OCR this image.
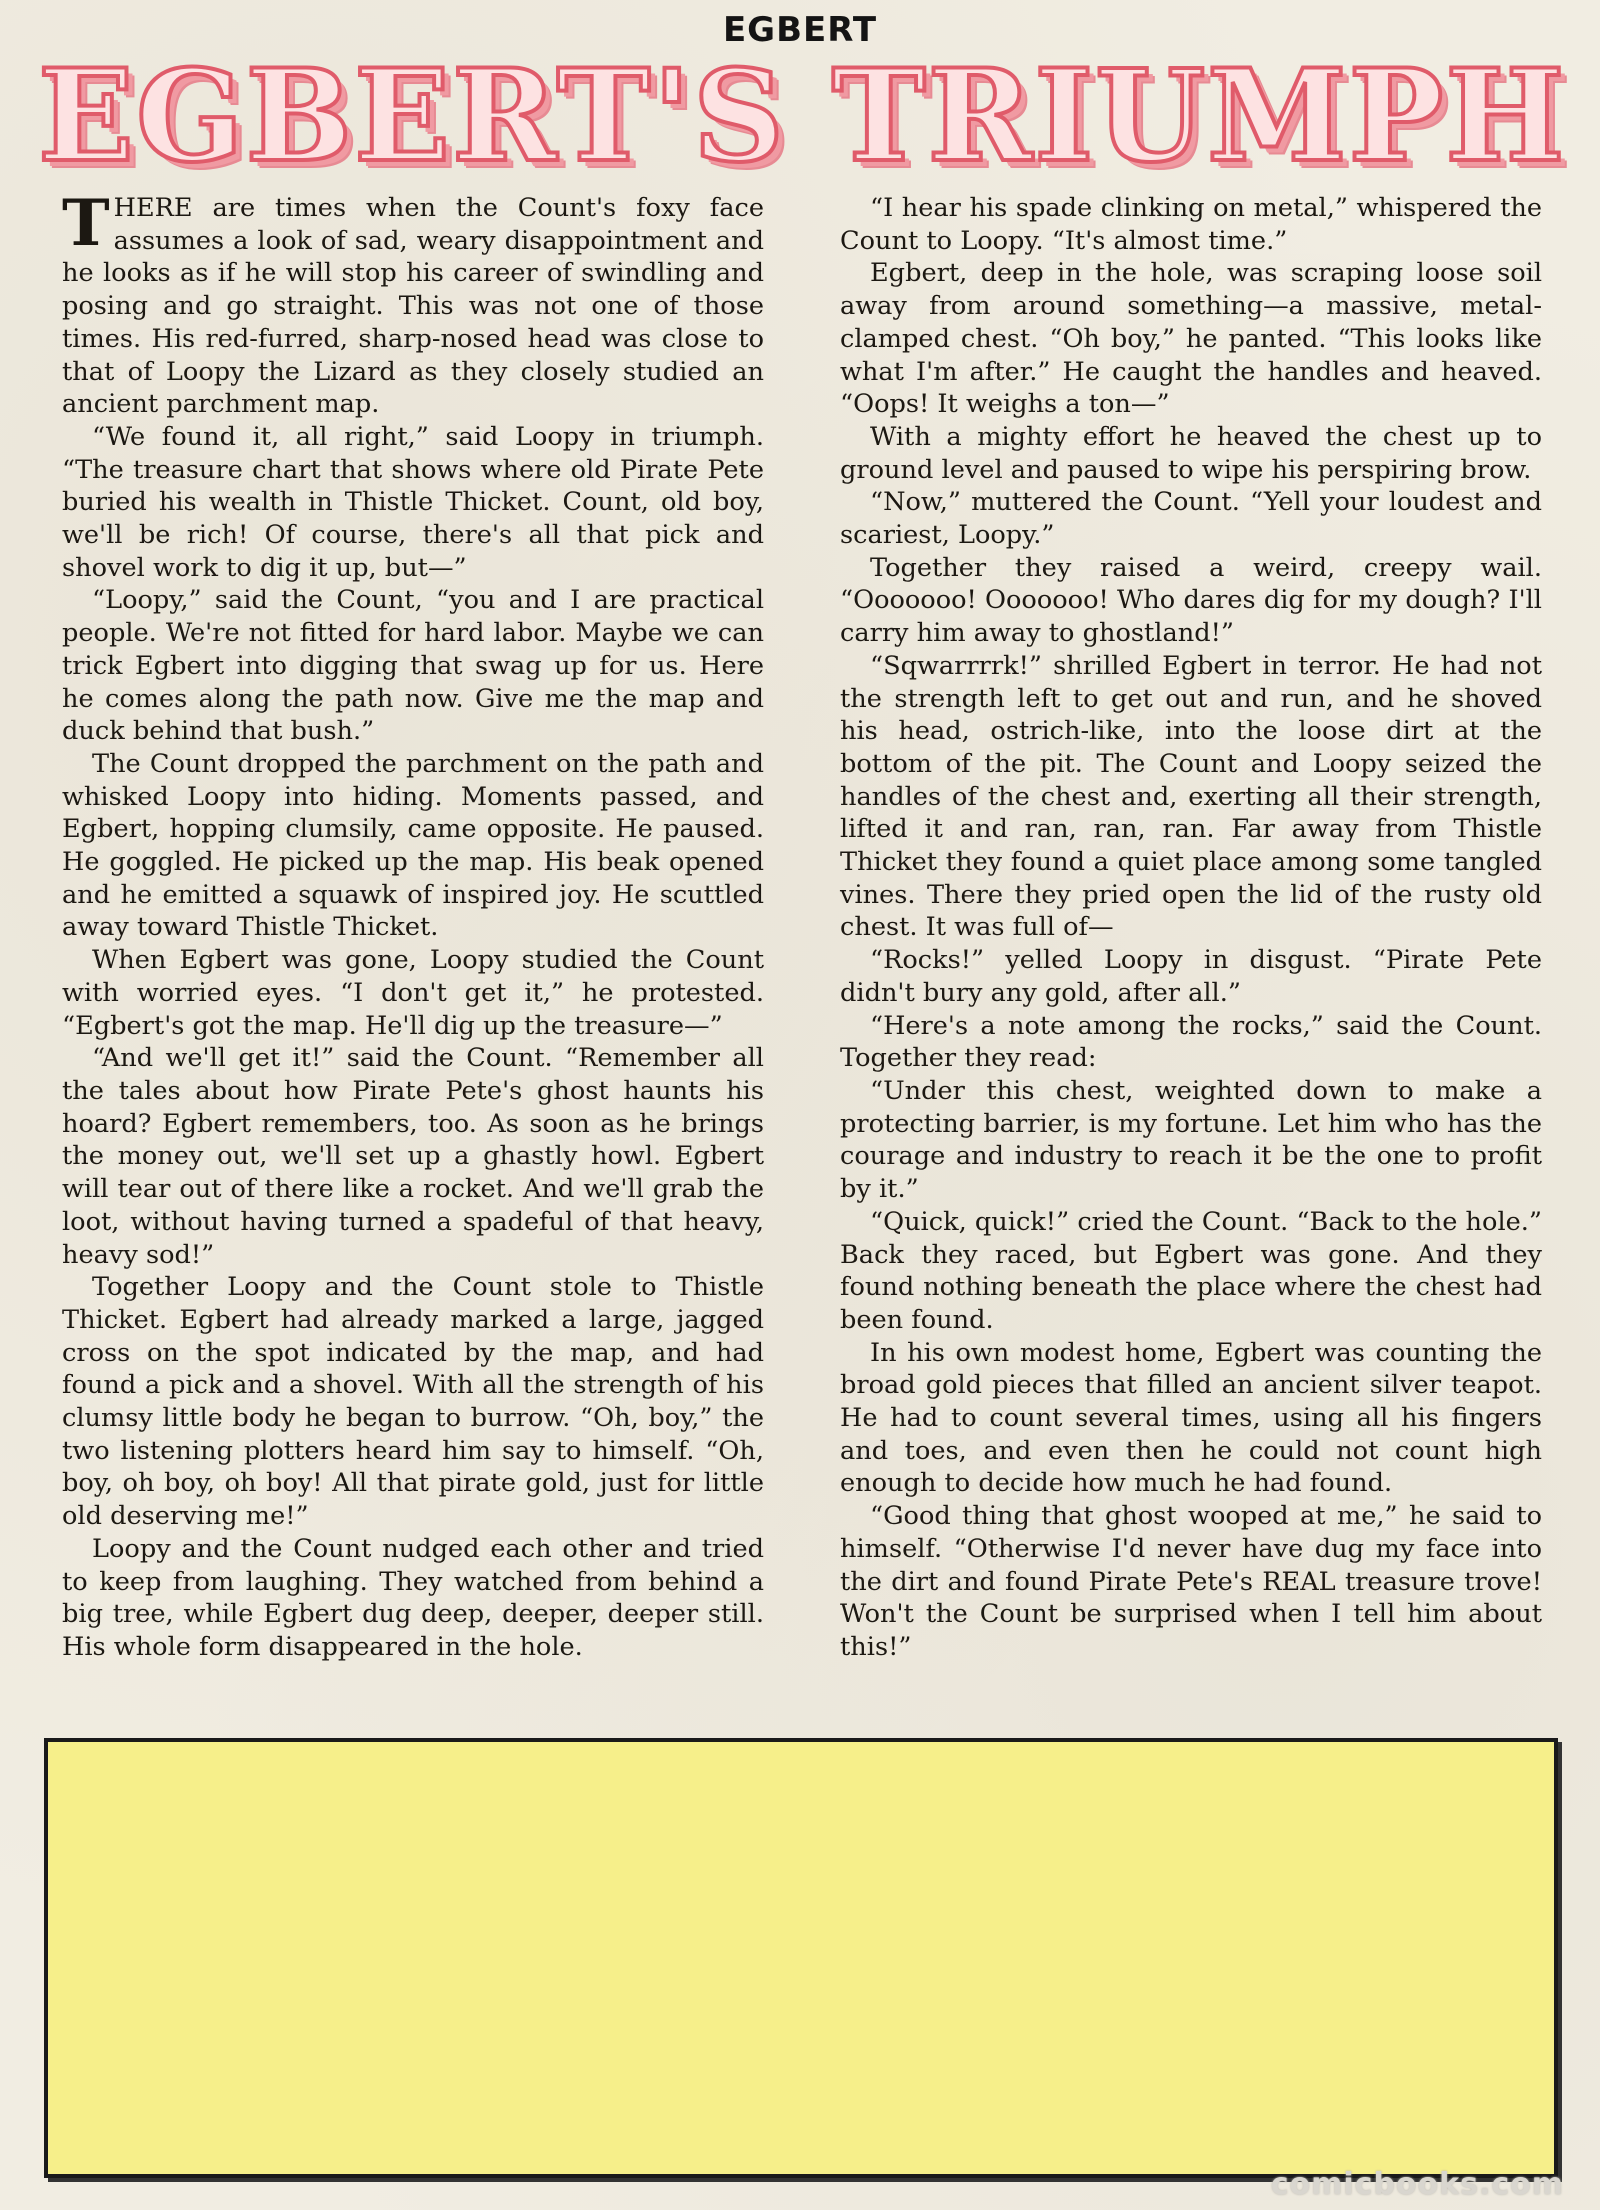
EGBERT
EGBERT'S TRIUMPH

THERE are times when the Count's foxy face assumes a look of sad, weary disappointment and he looks as if he will stop his career of swindling and posing and go straight. This was not one of those times. His red-furred, sharp-nosed head was close to that of Loopy the Lizard as they closely studied an ancient parchment map.

“We found it, all right,” said Loopy in triumph. “The treasure chart that shows where old Pirate Pete buried his wealth in Thistle Thicket. Count, old boy, we'll be rich! Of course, there's all that pick and shovel work to dig it up, but—”

“Loopy,” said the Count, “you and I are practical people. We're not fitted for hard labor. Maybe we can trick Egbert into digging that swag up for us. Here he comes along the path now. Give me the map and duck behind that bush.”

The Count dropped the parchment on the path and whisked Loopy into hiding. Moments passed, and Egbert, hopping clumsily, came opposite. He paused. He goggled. He picked up the map. His beak opened and he emitted a squawk of inspired joy. He scuttled away toward Thistle Thicket.

When Egbert was gone, Loopy studied the Count with worried eyes. “I don't get it,” he protested. “Egbert's got the map. He'll dig up the treasure—”

“And we'll get it!” said the Count. “Remember all the tales about how Pirate Pete's ghost haunts his hoard? Egbert remembers, too. As soon as he brings the money out, we'll set up a ghastly howl. Egbert will tear out of there like a rocket. And we'll grab the loot, without having turned a spadeful of that heavy, heavy sod!”

Together Loopy and the Count stole to Thistle Thicket. Egbert had already marked a large, jagged cross on the spot indicated by the map, and had found a pick and a shovel. With all the strength of his clumsy little body he began to burrow. “Oh, boy,” the two listening plotters heard him say to himself. “Oh, boy, oh boy, oh boy! All that pirate gold, just for little old deserving me!”

Loopy and the Count nudged each other and tried to keep from laughing. They watched from behind a big tree, while Egbert dug deep, deeper, deeper still. His whole form disappeared in the hole.

“I hear his spade clinking on metal,” whispered the Count to Loopy. “It's almost time.”

Egbert, deep in the hole, was scraping loose soil away from around something—a massive, metal-clamped chest. “Oh boy,” he panted. “This looks like what I'm after.” He caught the handles and heaved. “Oops! It weighs a ton—”

With a mighty effort he heaved the chest up to ground level and paused to wipe his perspiring brow.

“Now,” muttered the Count. “Yell your loudest and scariest, Loopy.”

Together they raised a weird, creepy wail. “Ooooooo! Ooooooo! Who dares dig for my dough? I'll carry him away to ghostland!”

“Sqwarrrrk!” shrilled Egbert in terror. He had not the strength left to get out and run, and he shoved his head, ostrich-like, into the loose dirt at the bottom of the pit. The Count and Loopy seized the handles of the chest and, exerting all their strength, lifted it and ran, ran, ran. Far away from Thistle Thicket they found a quiet place among some tangled vines. There they pried open the lid of the rusty old chest. It was full of—

“Rocks!” yelled Loopy in disgust. “Pirate Pete didn't bury any gold, after all.”

“Here's a note among the rocks,” said the Count. Together they read:

“Under this chest, weighted down to make a protecting barrier, is my fortune. Let him who has the courage and industry to reach it be the one to profit by it.”

“Quick, quick!” cried the Count. “Back to the hole.” Back they raced, but Egbert was gone. And they found nothing beneath the place where the chest had been found.

In his own modest home, Egbert was counting the broad gold pieces that filled an ancient silver teapot. He had to count several times, using all his fingers and toes, and even then he could not count high enough to decide how much he had found.

“Good thing that ghost wooped at me,” he said to himself. “Otherwise I'd never have dug my face into the dirt and found Pirate Pete's REAL treasure trove! Won't the Count be surprised when I tell him about this!”

comicbooks.com
